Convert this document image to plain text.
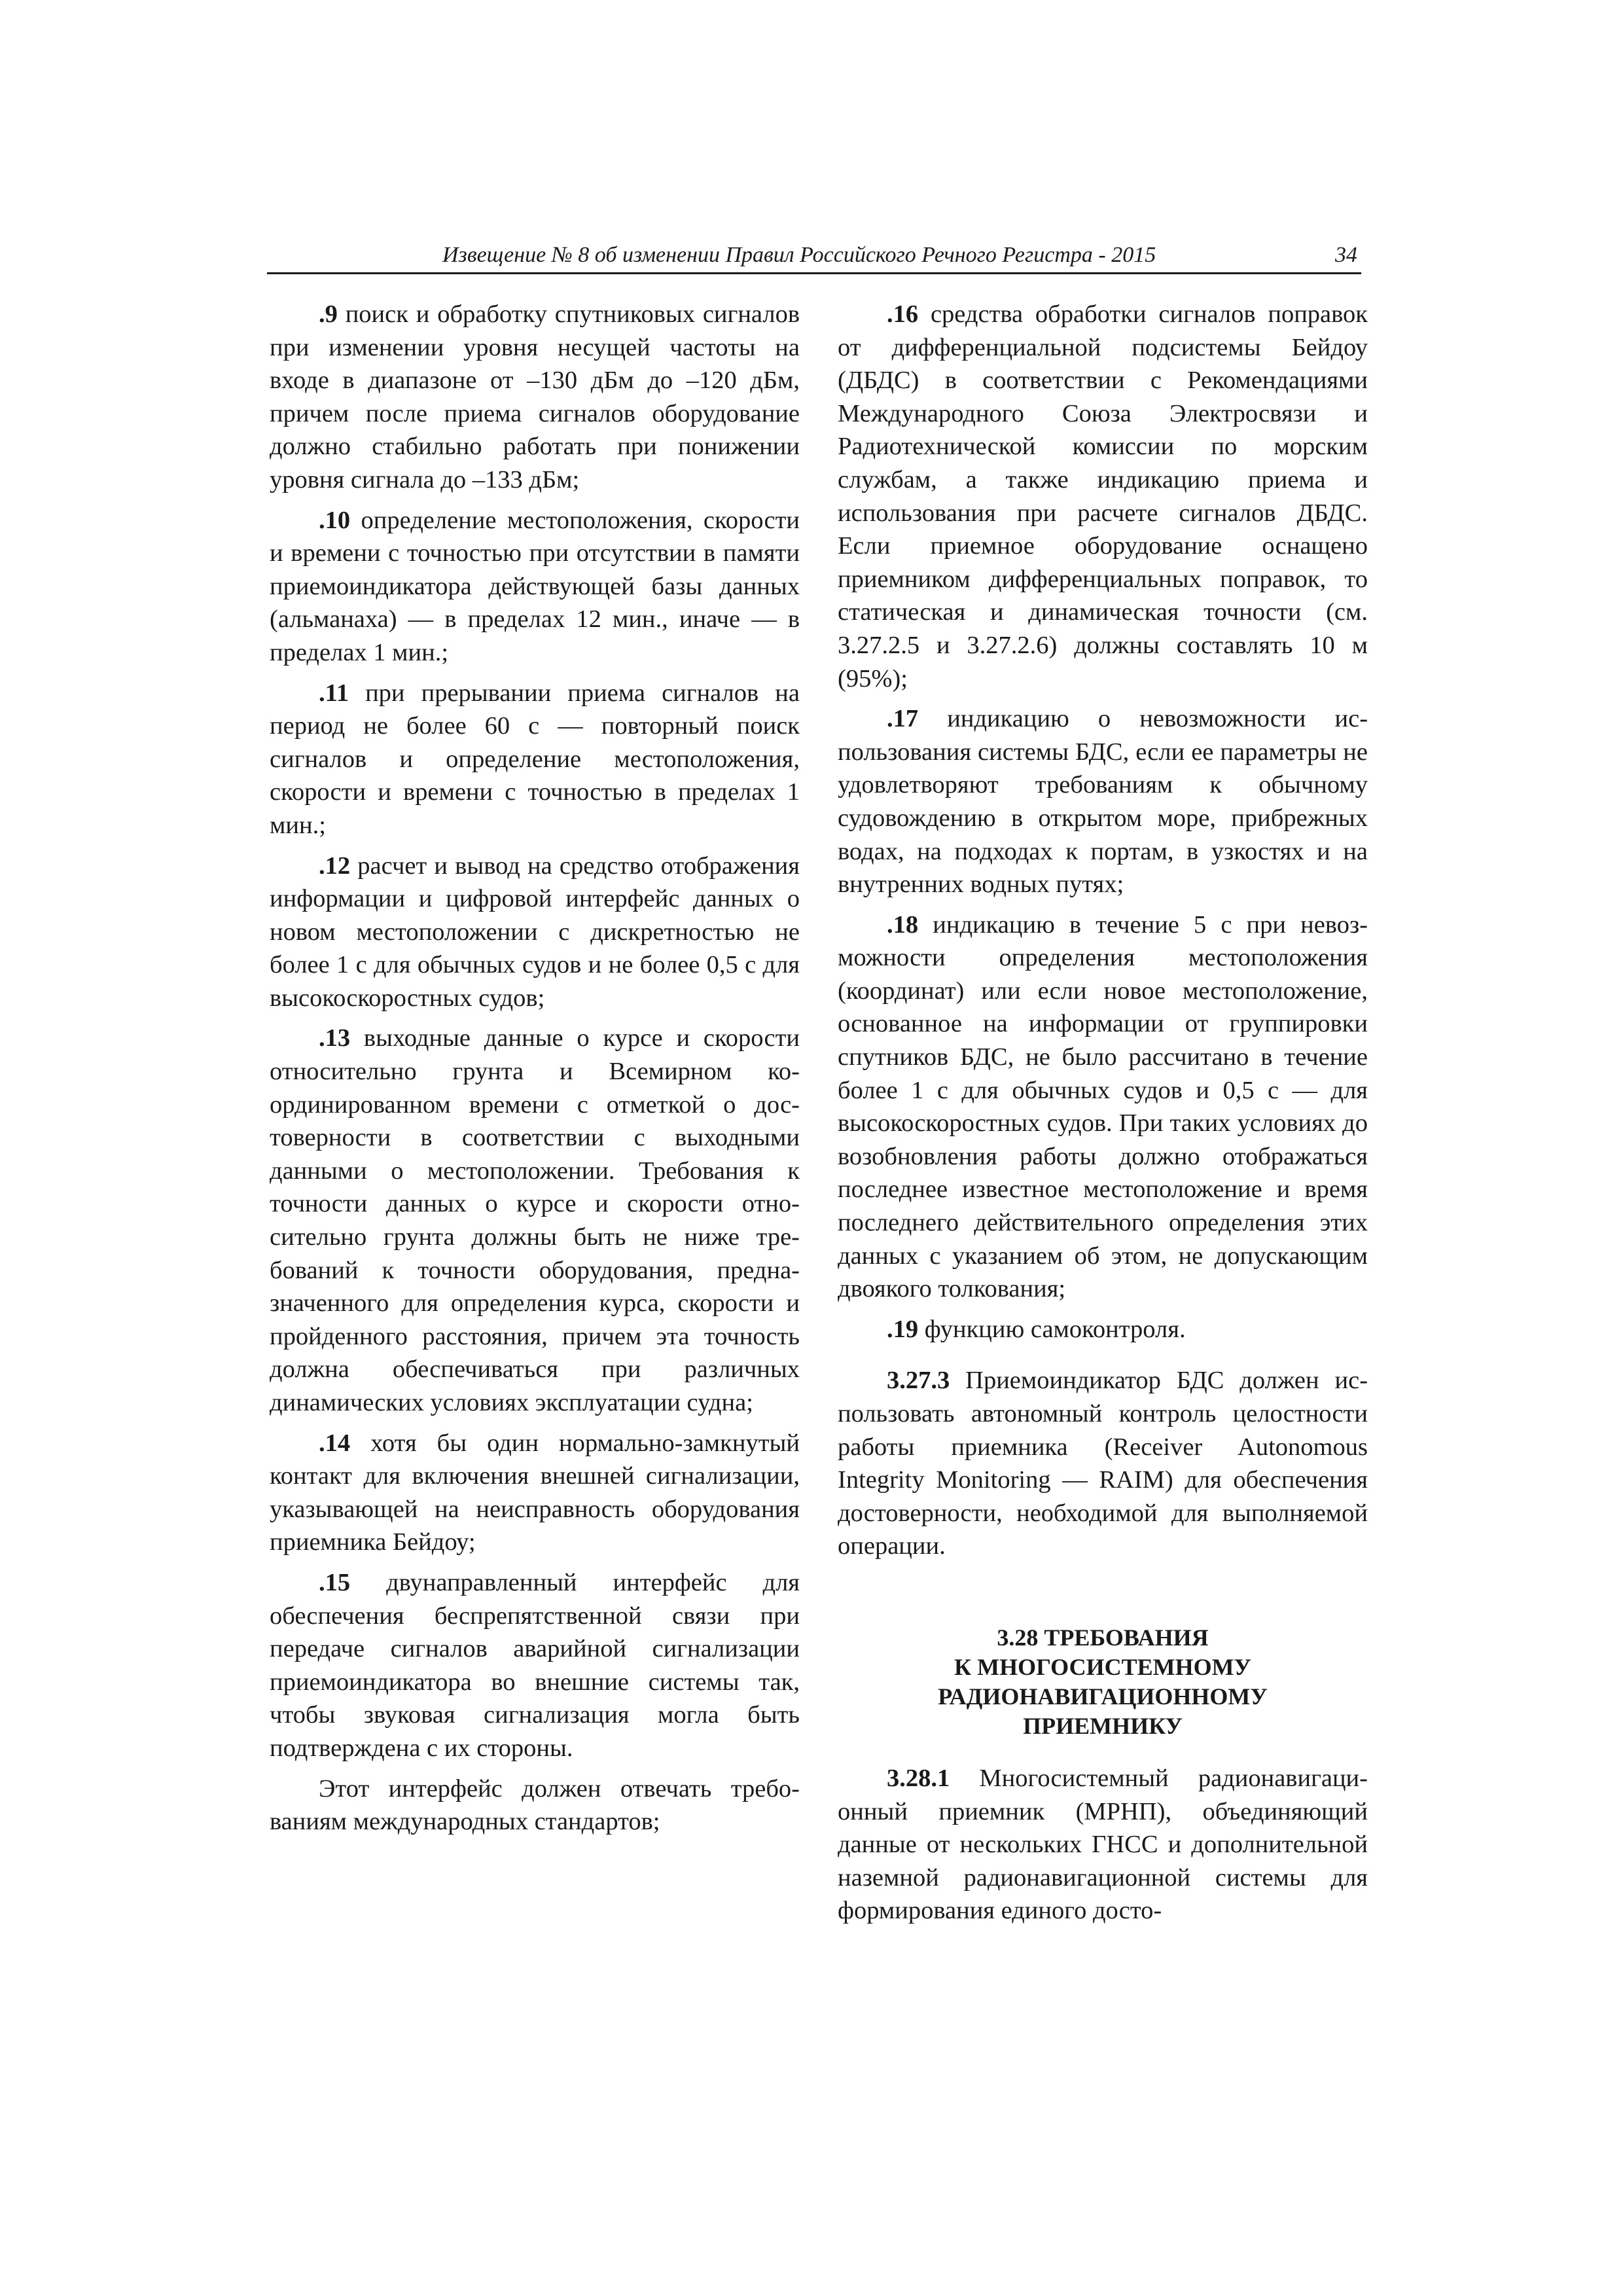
Извещение № 8 об изменении Правил Российского Речного Регистра - 2015	34

.9 поиск и обработку спутниковых сигналов при изменении уровня несущей частоты на входе в диапазоне от –130 дБм до –120 дБм, причем после приема сигналов оборудование должно стабильно работать при понижении уровня сигнала до –133 дБм;

.10 определение местоположения, скорости и времени с точностью при отсутствии в памяти приемоиндикатора действующей базы данных (альманаха) — в пределах 12 мин., иначе — в пределах 1 мин.;

.11 при прерывании приема сигналов на период не более 60 с — повторный поиск сигналов и определение местоположения, скорости и времени с точностью в пределах 1 мин.;

.12 расчет и вывод на средство отображения информации и цифровой интерфейс данных о новом местоположении с дискретностью не более 1 с для обычных судов и не более 0,5 с для высокоскоростных судов;

.13 выходные данные о курсе и скорости относительно грунта и Всемирном координированном времени с отметкой о достоверности в соответствии с выходными данными о местоположении. Требования к точности данных о курсе и скорости относительно грунта должны быть не ниже требований к точности оборудования, предназначенного для определения курса, скорости и пройденного расстояния, причем эта точность должна обеспечиваться при различных динамических условиях эксплуатации судна;

.14 хотя бы один нормально-замкнутый контакт для включения внешней сигнализации, указывающей на неисправность оборудования приемника Бейдоу;

.15 двунаправленный интерфейс для обеспечения беспрепятственной связи при передаче сигналов аварийной сигнализации приемоиндикатора во внешние системы так, чтобы звуковая сигнализация могла быть подтверждена с их стороны.

Этот интерфейс должен отвечать требованиям международных стандартов;

.16 средства обработки сигналов поправок от дифференциальной подсистемы Бейдоу (ДБДС) в соответствии с Рекомендациями Международного Союза Электросвязи и Радиотехнической комиссии по морским службам, а также индикацию приема и использования при расчете сигналов ДБДС. Если приемное оборудование оснащено приемником дифференциальных поправок, то статическая и динамическая точности (см. 3.27.2.5 и 3.27.2.6) должны составлять 10 м (95%);

.17 индикацию о невозможности использования системы БДС, если ее параметры не удовлетворяют требованиям к обычному судовождению в открытом море, прибрежных водах, на подходах к портам, в узкостях и на внутренних водных путях;

.18 индикацию в течение 5 с при невозможности определения местоположения (координат) или если новое местоположение, основанное на информации от группировки спутников БДС, не было рассчитано в течение более 1 с для обычных судов и 0,5 с — для высокоскоростных судов. При таких условиях до возобновления работы должно отображаться последнее известное местоположение и время последнего действительного определения этих данных с указанием об этом, не допускающим двоякого толкования;

.19 функцию самоконтроля.

3.27.3 Приемоиндикатор БДС должен использовать автономный контроль целостности работы приемника (Receiver Autonomous Integrity Monitoring — RAIM) для обеспечения достоверности, необходимой для выполняемой операции.

3.28 ТРЕБОВАНИЯ
К МНОГОСИСТЕМНОМУ
РАДИОНАВИГАЦИОННОМУ
ПРИЕМНИКУ

3.28.1 Многосистемный радионавигационный приемник (МРНП), объединяющий данные от нескольких ГНСС и дополнительной наземной радионавигационной системы для формирования единого досто-
